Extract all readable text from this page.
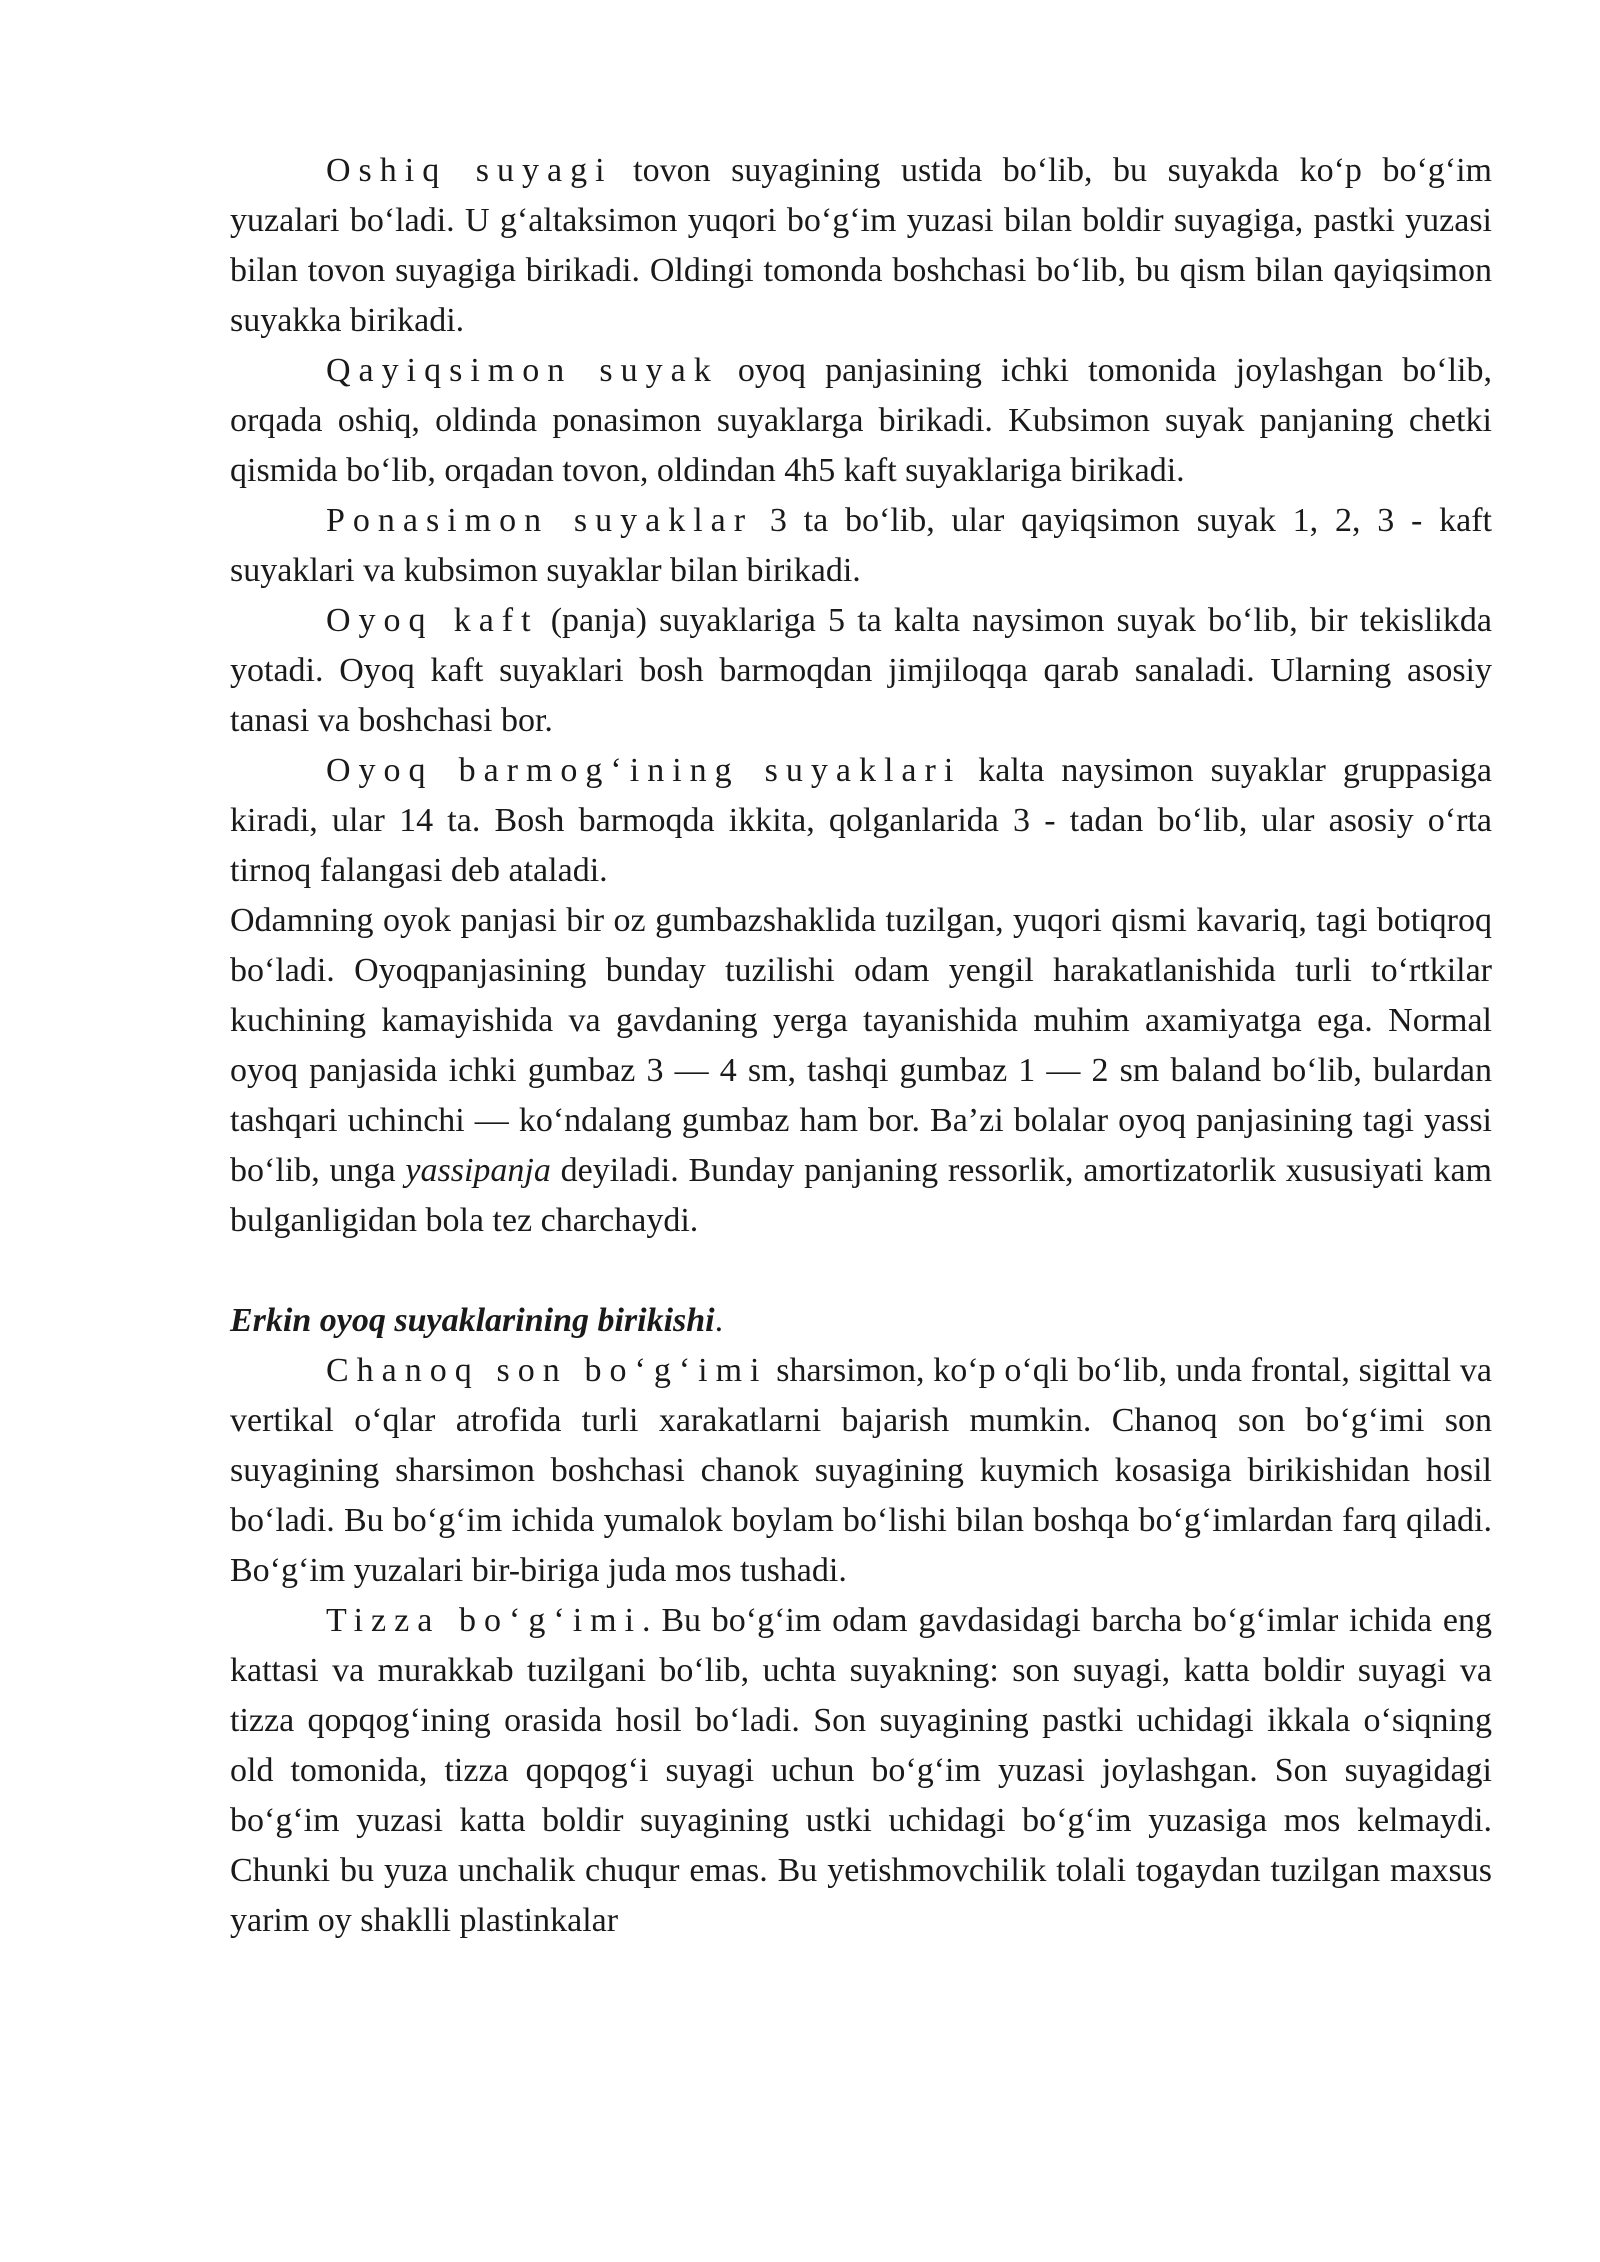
Oshiq suyagi tovon suyagining ustida bo‘lib, bu suyakda ko‘p bo‘g‘im yuzalari bo‘ladi. U g‘altaksimon yuqori bo‘g‘im yuzasi bilan boldir suyagiga, pastki yuzasi bilan tovon suyagiga birikadi. Oldingi tomonda boshchasi bo‘lib, bu qism bilan qayiqsimon suyakka birikadi.

Qayiqsimon suyak oyoq panjasining ichki tomonida joylashgan bo‘lib, orqada oshiq, oldinda ponasimon suyaklarga birikadi. Kubsimon suyak panjaning chetki qismida bo‘lib, orqadan tovon, oldindan 4h5 kaft suyaklariga birikadi.

Ponasimon suyaklar 3 ta bo‘lib, ular qayiqsimon suyak 1, 2, 3 - kaft suyaklari va kubsimon suyaklar bilan birikadi.

Oyoq kaft (panja) suyaklariga 5 ta kalta naysimon suyak bo‘lib, bir tekislikda yotadi. Oyoq kaft suyaklari bosh barmoqdan jimjiloqqa qarab sanaladi. Ularning asosiy tanasi va boshchasi bor.

Oyoq barmog‘ining suyaklari kalta naysimon suyaklar gruppasiga kiradi, ular 14 ta. Bosh barmoqda ikkita, qolganlarida 3 - tadan bo‘lib, ular asosiy o‘rta tirnoq falangasi deb ataladi.

Odamning oyok panjasi bir oz gumbazshaklida tuzilgan, yuqori qismi kavariq, tagi botiqroq bo‘ladi. Oyoqpanjasining bunday tuzilishi odam yengil harakatlanishida turli to‘rtkilar kuchining kamayishida va gavdaning yerga tayanishida muhim axamiyatga ega. Normal oyoq panjasida ichki gumbaz 3 — 4 sm, tashqi gumbaz 1 — 2 sm baland bo‘lib, bulardan tashqari uchinchi — ko‘ndalang gumbaz ham bor. Ba’zi bolalar oyoq panjasining tagi yassi bo‘lib, unga yassipanja deyiladi. Bunday panjaning ressorlik, amortizatorlik xususiyati kam bulganligidan bola tez charchaydi.

Erkin oyoq suyaklarining birikishi.

Chanoq son bo‘g‘imi sharsimon, ko‘p o‘qli bo‘lib, unda frontal, sigittal va vertikal o‘qlar atrofida turli xarakatlarni bajarish mumkin. Chanoq son bo‘g‘imi son suyagining sharsimon boshchasi chanok suyagining kuymich kosasiga birikishidan hosil bo‘ladi. Bu bo‘g‘im ichida yumalok boylam bo‘lishi bilan boshqa bo‘g‘imlardan farq qiladi. Bo‘g‘im yuzalari bir-biriga juda mos tushadi.

Tizza bo‘g‘imi. Bu bo‘g‘im odam gavdasidagi barcha bo‘g‘imlar ichida eng kattasi va murakkab tuzilgani bo‘lib, uchta suyakning: son suyagi, katta boldir suyagi va tizza qopqog‘ining orasida hosil bo‘ladi. Son suyagining pastki uchidagi ikkala o‘siqning old tomonida, tizza qopqog‘i suyagi uchun bo‘g‘im yuzasi joylashgan. Son suyagidagi bo‘g‘im yuzasi katta boldir suyagining ustki uchidagi bo‘g‘im yuzasiga mos kelmaydi. Chunki bu yuza unchalik chuqur emas. Bu yetishmovchilik tolali togaydan tuzilgan maxsus yarim oy shaklli plastinkalar
